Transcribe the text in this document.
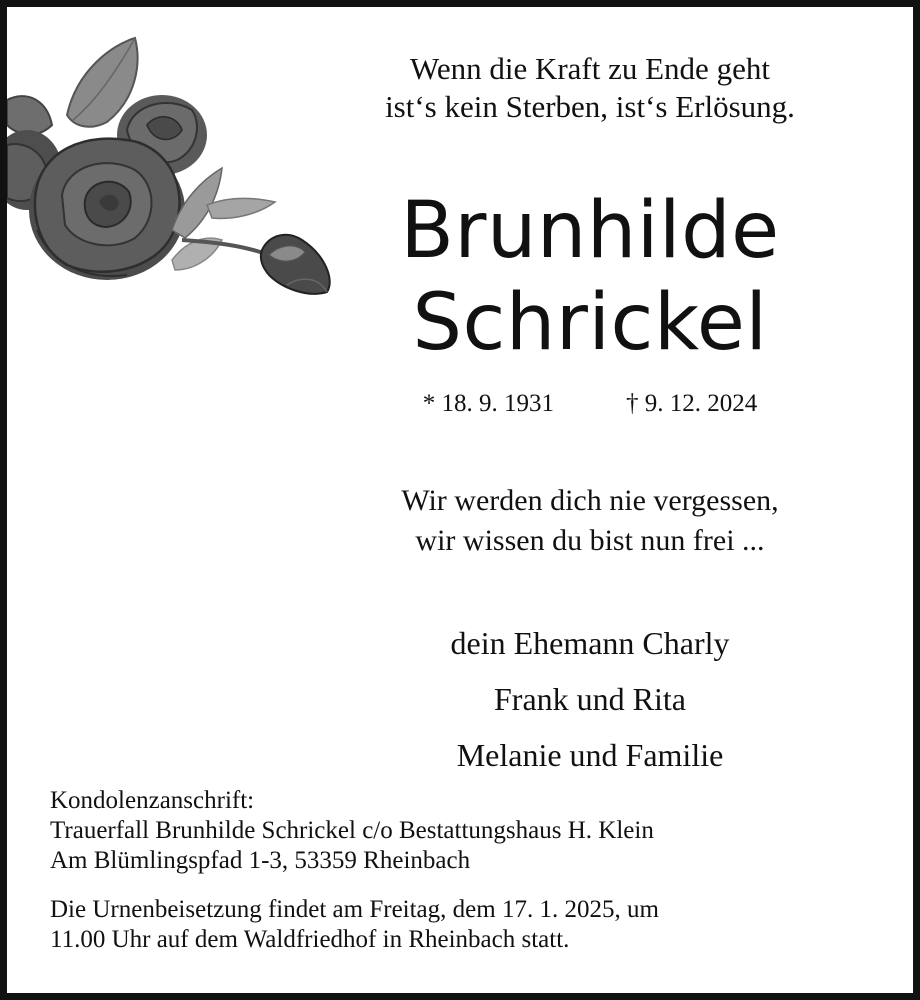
Wenn die Kraft zu Ende geht
ist‘s kein Sterben, ist‘s Erlösung.
Brunhilde
Schrickel
* 18. 9. 1931	† 9. 12. 2024
Wir werden dich nie vergessen,
wir wissen du bist nun frei ...
dein Ehemann Charly
Frank und Rita
Melanie und Familie
Kondolenzanschrift:
Trauerfall Brunhilde Schrickel c/o Bestattungshaus H. Klein
Am Blümlingspfad 1-3, 53359 Rheinbach
Die Urnenbeisetzung findet am Freitag, dem 17. 1. 2025, um
11.00 Uhr auf dem Waldfriedhof in Rheinbach statt.
